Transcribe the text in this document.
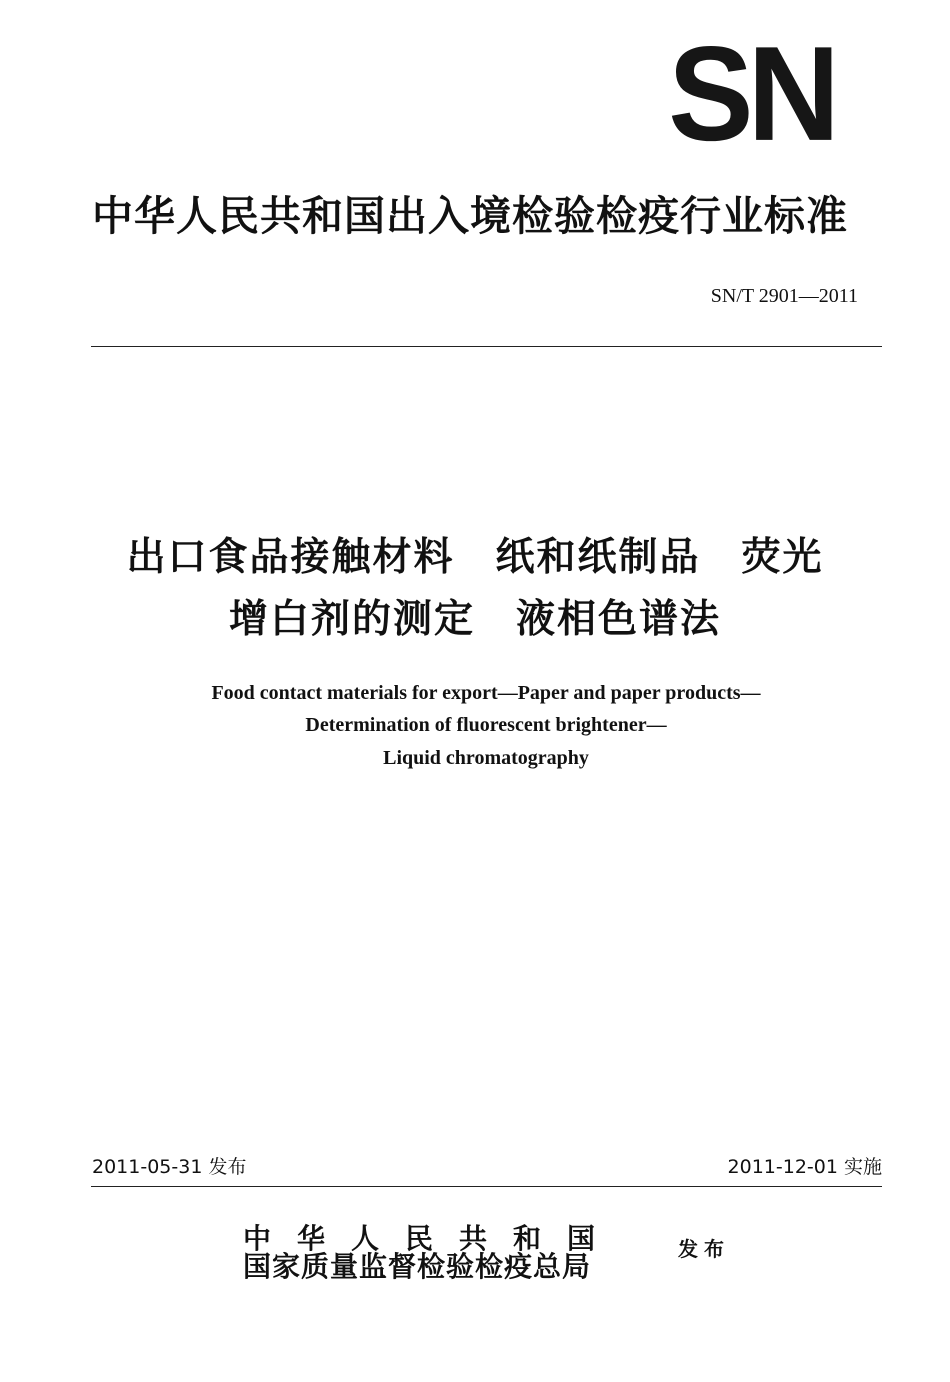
SN
中华人民共和国出入境检验检疫行业标准
SN/T 2901—2011
出口食品接触材料　纸和纸制品　荧光
增白剂的测定　液相色谱法
Food contact materials for export—Paper and paper products—
Determination of fluorescent brightener—
Liquid chromatography
2011-05-31 发布	2011-12-01 实施
中华人民共和国
国家质量监督检验检疫总局
发布
